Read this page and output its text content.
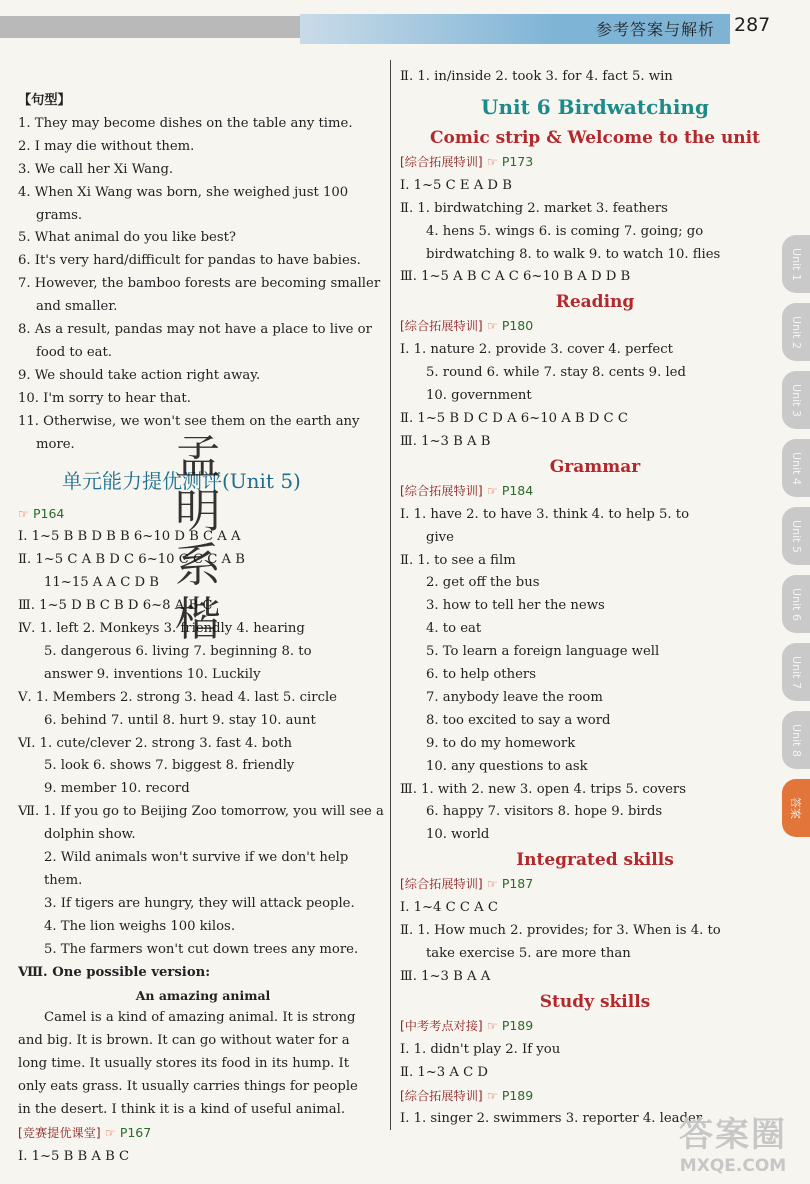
参考答案与解析 287
【句型】
1. They may become dishes on the table any time.
2. I may die without them.
3. We call her Xi Wang.
4. When Xi Wang was born, she weighed just 100
grams.
5. What animal do you like best?
6. It's very hard/difficult for pandas to have babies.
7. However, the bamboo forests are becoming smaller
and smaller.
8. As a result, pandas may not have a place to live or
food to eat.
9. We should take action right away.
10. I'm sorry to hear that.
11. Otherwise, we won't see them on the earth any
more.
单元能力提优测评(Unit 5)
☞ P164
Ⅰ. 1~5 B B D B B 6~10 D B C A A
Ⅱ. 1~5 C A B D C 6~10 C C C A B
11~15 A A C D B
Ⅲ. 1~5 D B C B D 6~8 A B C
Ⅳ. 1. left 2. Monkeys 3. friendly 4. hearing
5. dangerous 6. living 7. beginning 8. to
answer 9. inventions 10. Luckily
Ⅴ. 1. Members 2. strong 3. head 4. last 5. circle
6. behind 7. until 8. hurt 9. stay 10. aunt
Ⅵ. 1. cute/clever 2. strong 3. fast 4. both
5. look 6. shows 7. biggest 8. friendly
9. member 10. record
Ⅶ. 1. If you go to Beijing Zoo tomorrow, you will see a
dolphin show.
2. Wild animals won't survive if we don't help
them.
3. If tigers are hungry, they will attack people.
4. The lion weighs 100 kilos.
5. The farmers won't cut down trees any more.
Ⅷ. One possible version:
An amazing animal
Camel is a kind of amazing animal. It is strong
and big. It is brown. It can go without water for a
long time. It usually stores its food in its hump. It
only eats grass. It usually carries things for people
in the desert. I think it is a kind of useful animal.
[竞赛提优课堂] ☞ P167
Ⅰ. 1~5 B B A B C
孟
明
系
楷
Ⅱ. 1. in/inside 2. took 3. for 4. fact 5. win
Unit 6 Birdwatching
Comic strip & Welcome to the unit
[综合拓展特训] ☞ P173
Ⅰ. 1~5 C E A D B
Ⅱ. 1. birdwatching 2. market 3. feathers
4. hens 5. wings 6. is coming 7. going; go
birdwatching 8. to walk 9. to watch 10. flies
Ⅲ. 1~5 A B C A C 6~10 B A D D B
Reading
[综合拓展特训] ☞ P180
Ⅰ. 1. nature 2. provide 3. cover 4. perfect
5. round 6. while 7. stay 8. cents 9. led
10. government
Ⅱ. 1~5 B D C D A 6~10 A B D C C
Ⅲ. 1~3 B A B
Grammar
[综合拓展特训] ☞ P184
Ⅰ. 1. have 2. to have 3. think 4. to help 5. to
give
Ⅱ. 1. to see a film
2. get off the bus
3. how to tell her the news
4. to eat
5. To learn a foreign language well
6. to help others
7. anybody leave the room
8. too excited to say a word
9. to do my homework
10. any questions to ask
Ⅲ. 1. with 2. new 3. open 4. trips 5. covers
6. happy 7. visitors 8. hope 9. birds
10. world
Integrated skills
[综合拓展特训] ☞ P187
Ⅰ. 1~4 C C A C
Ⅱ. 1. How much 2. provides; for 3. When is 4. to
take exercise 5. are more than
Ⅲ. 1~3 B A A
Study skills
[中考考点对接] ☞ P189
Ⅰ. 1. didn't play 2. If you
Ⅱ. 1~3 A C D
[综合拓展特训] ☞ P189
Ⅰ. 1. singer 2. swimmers 3. reporter 4. leader
Unit 1
Unit 2
Unit 3
Unit 4
Unit 5
Unit 6
Unit 7
Unit 8
答案
答案圈
MXQE.COM
